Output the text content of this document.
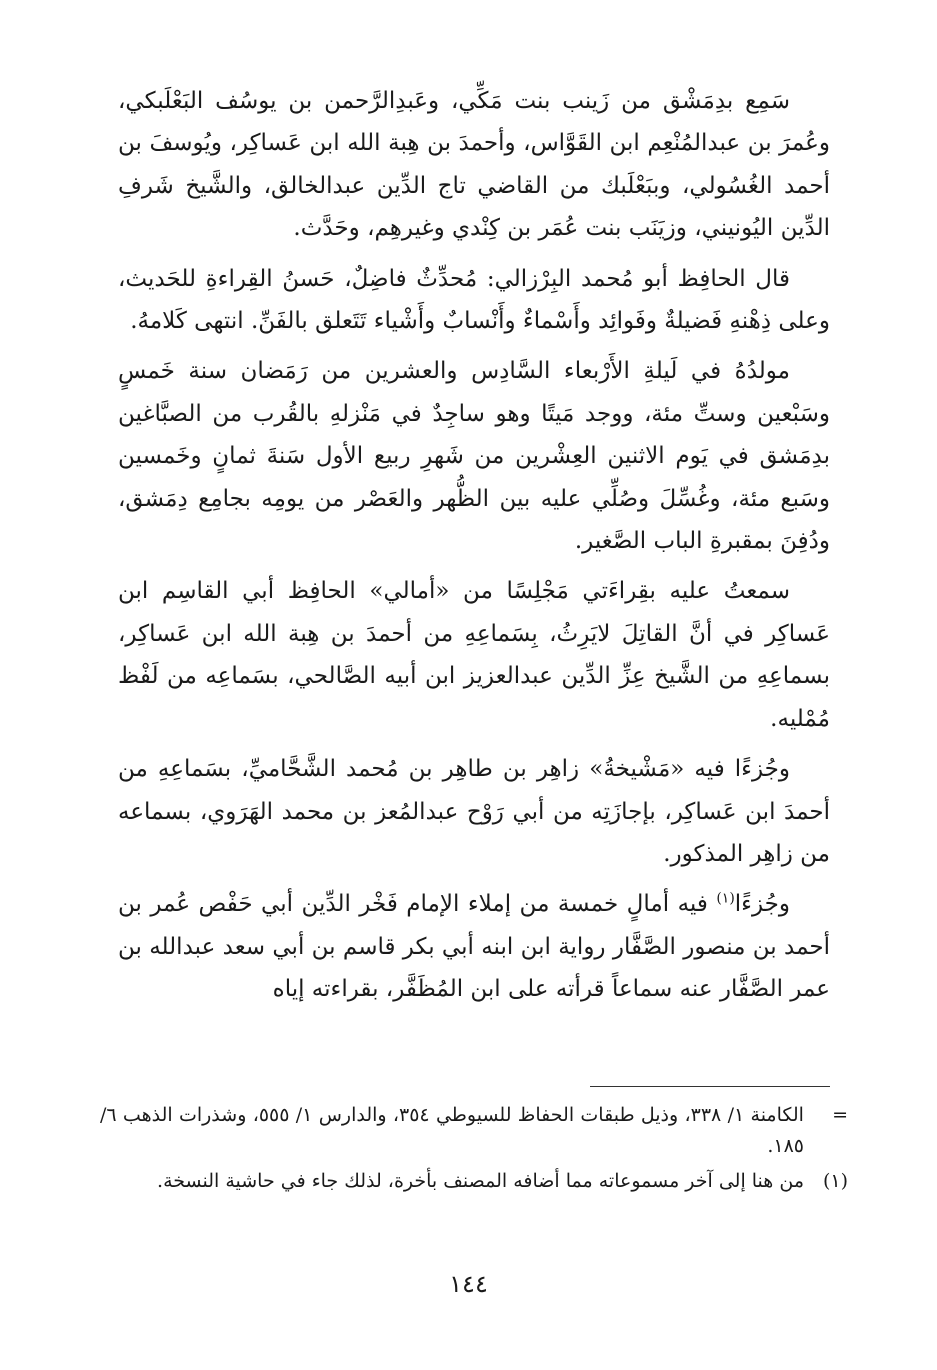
سَمِع بدِمَشْق من زَينب بنت مَكِّي، وعَبدِالرَّحمن بن يوسُف البَعْلَبكي، وعُمرَ بن عبدالمُنْعِم ابن القَوَّاس، وأحمدَ بن هِبة الله ابن عَساكِر، ويُوسفَ بن أحمد الغُسُولي، وببَعْلَبك من القاضي تاج الدِّين عبدالخالق، والشَّيخ شَرفِ الدِّين اليُونيني، وزيَنَب بنت عُمَر بن كِنْدي وغيرهِم، وحَدَّث.

قال الحافِظ أبو مُحمد البِرْزالي: مُحدِّثٌ فاضِلٌ، حَسنُ القِراءةِ للحَديث، وعلى ذِهْنهِ فَضيلةٌ وفَوائِد وأَسْماءٌ وأَنْسابٌ وأَشْياء تَتَعلق بالفَنِّ. انتهى كَلامهُ.

مولدُهُ في لَيلةِ الأَرْبعاء السَّادِس والعشرين من رَمَضان سنة خَمسٍ وسَبْعين وستِّ مئة، ووجد مَيتًا وهو ساجِدٌ في مَنْزلهِ بالقُرب من الصبَّاغين بدِمَشق في يَوم الاثنين العِشْرين من شَهرِ ربيع الأول سَنةَ ثمانٍ وخَمسين وسَبع مئة، وغُسِّلَ وصُلِّي عليه بين الظُّهر والعَصْر من يومِه بجامِع دِمَشق، ودُفِنَ بمقبرةِ الباب الصَّغير.

سمعتُ عليه بقِراءَتي مَجْلِسًا من «أمالي» الحافِظ أبي القاسِم ابن عَساكِر في أنَّ القاتِلَ لايَرِثُ، بِسَماعِهِ من أحمدَ بن هِبة الله ابن عَساكِر، بسماعِهِ من الشَّيخ عِزِّ الدِّين عبدالعزيز ابن أبيه الصَّالحي، بسَماعِه من لَفْظ مُمْليه.

وجُزءًا فيه «مَشْيخةُ» زاهِر بن طاهِر بن مُحمد الشَّحَّاميِّ، بسَماعِهِ من أحمدَ ابن عَساكِر، بإجازَتِه من أبي رَوْح عبدالمُعز بن محمد الهَرَوي، بسماعه من زاهِر المذكور.

وجُزءًا$^{(١)}$ فيه أمالٍ خمسة من إملاء الإمام فَخْر الدِّين أبي حَفْص عُمر بن أحمد بن منصور الصَّفَّار رواية ابن ابنه أبي بكر قاسم بن أبي سعد عبدالله بن عمر الصَّفَّار عنه سماعاً قرأته على ابن المُظَفَّر، بقراءته إياه

=
الكامنة ١/ ٣٣٨، وذيل طبقات الحفاظ للسيوطي ٣٥٤، والدارس ١/ ٥٥٥، وشذرات الذهب ٦/ ١٨٥.
(١)
من هنا إلى آخر مسموعاته مما أضافه المصنف بأخرة، لذلك جاء في حاشية النسخة.
١٤٤
